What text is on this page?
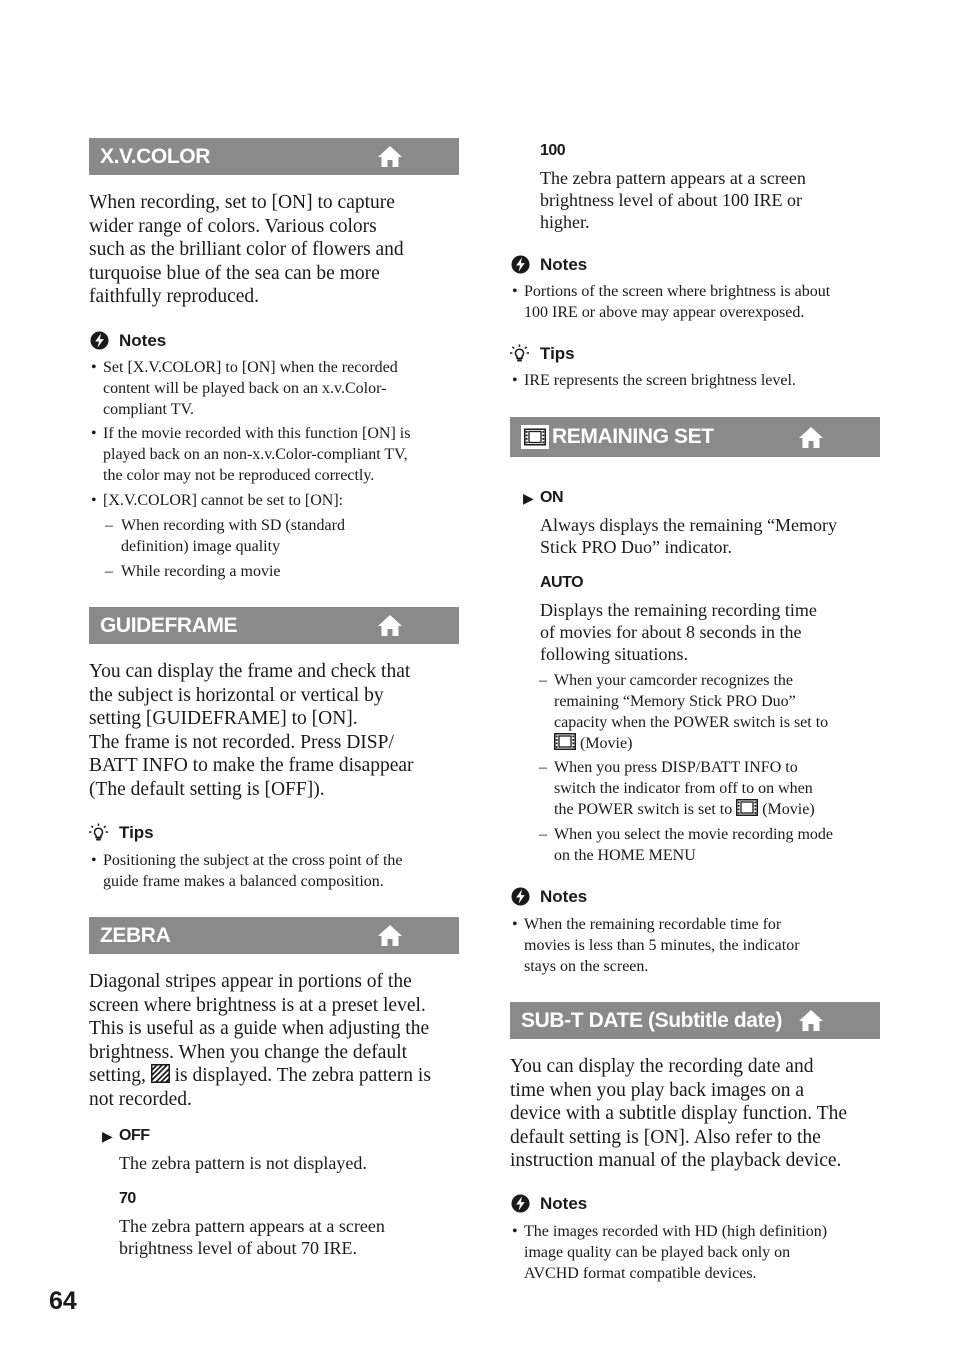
X.V.COLOR
When recording, set to [ON] to capture
wider range of colors. Various colors
such as the brilliant color of flowers and
turquoise blue of the sea can be more
faithfully reproduced.
Notes
• Set [X.V.COLOR] to [ON] when the recorded
content will be played back on an x.v.Color-
compliant TV.
• If the movie recorded with this function [ON] is
played back on an non-x.v.Color-compliant TV,
the color may not be reproduced correctly.
• [X.V.COLOR] cannot be set to [ON]:
– When recording with SD (standard
definition) image quality
– While recording a movie
GUIDEFRAME
You can display the frame and check that
the subject is horizontal or vertical by
setting [GUIDEFRAME] to [ON].
The frame is not recorded. Press DISP/
BATT INFO to make the frame disappear
(The default setting is [OFF]).
Tips
• Positioning the subject at the cross point of the
guide frame makes a balanced composition.
ZEBRA
Diagonal stripes appear in portions of the
screen where brightness is at a preset level.
This is useful as a guide when adjusting the
brightness. When you change the default
setting, is displayed. The zebra pattern is
not recorded.
▶ OFF
The zebra pattern is not displayed.
70
The zebra pattern appears at a screen
brightness level of about 70 IRE.
64
100
The zebra pattern appears at a screen
brightness level of about 100 IRE or
higher.
Notes
• Portions of the screen where brightness is about
100 IRE or above may appear overexposed.
Tips
• IRE represents the screen brightness level.
REMAINING SET
▶ ON
Always displays the remaining “Memory
Stick PRO Duo” indicator.
AUTO
Displays the remaining recording time
of movies for about 8 seconds in the
following situations.
– When your camcorder recognizes the
remaining “Memory Stick PRO Duo”
capacity when the POWER switch is set to
(Movie)
– When you press DISP/BATT INFO to
switch the indicator from off to on when
the POWER switch is set to (Movie)
– When you select the movie recording mode
on the HOME MENU
Notes
• When the remaining recordable time for
movies is less than 5 minutes, the indicator
stays on the screen.
SUB-T DATE (Subtitle date)
You can display the recording date and
time when you play back images on a
device with a subtitle display function. The
default setting is [ON]. Also refer to the
instruction manual of the playback device.
Notes
• The images recorded with HD (high definition)
image quality can be played back only on
AVCHD format compatible devices.
